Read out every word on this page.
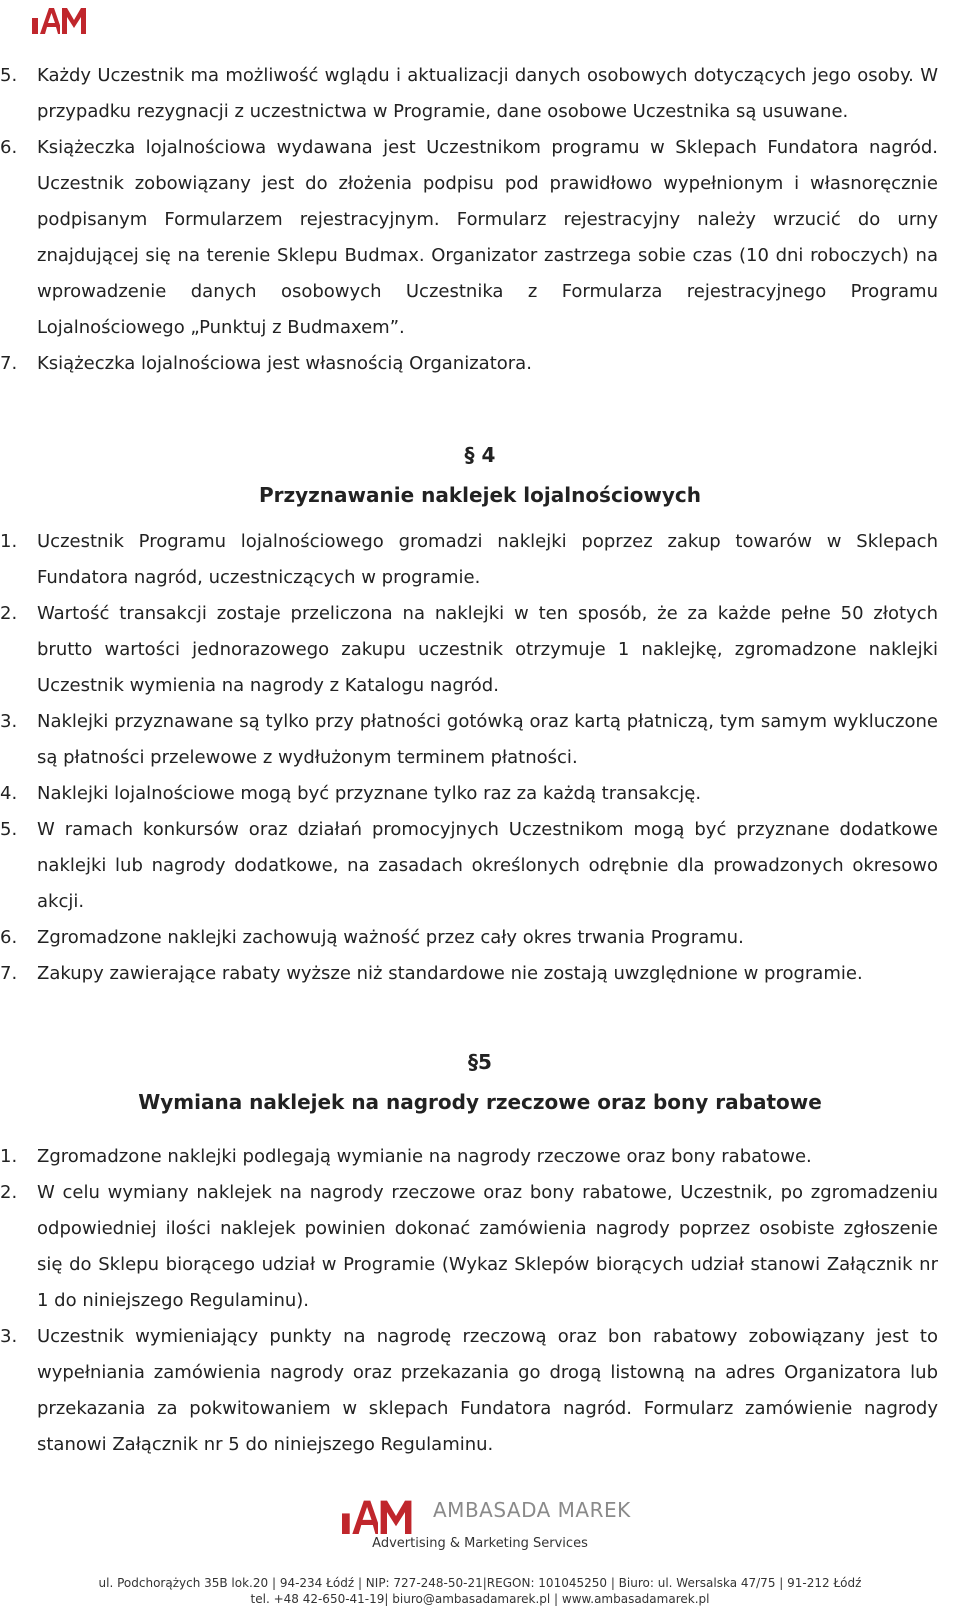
5.	Każdy Uczestnik ma możliwość wglądu i aktualizacji danych osobowych dotyczących jego osoby. W przypadku rezygnacji z uczestnictwa w Programie, dane osobowe Uczestnika są usuwane.
6.	Książeczka lojalnościowa wydawana jest Uczestnikom programu w Sklepach Fundatora nagród. Uczestnik zobowiązany jest do złożenia podpisu pod prawidłowo wypełnionym i własnoręcznie podpisanym Formularzem rejestracyjnym. Formularz rejestracyjny należy wrzucić do urny znajdującej się na terenie Sklepu Budmax. Organizator zastrzega sobie czas (10 dni roboczych) na wprowadzenie danych osobowych Uczestnika z Formularza rejestracyjnego Programu Lojalnościowego „Punktuj z Budmaxem”.
7.	Książeczka lojalnościowa jest własnością Organizatora.
§ 4
Przyznawanie naklejek lojalnościowych
1.	Uczestnik Programu lojalnościowego gromadzi naklejki poprzez zakup towarów w Sklepach Fundatora nagród, uczestniczących w programie.
2.	Wartość transakcji zostaje przeliczona na naklejki w ten sposób, że za każde pełne 50 złotych brutto wartości jednorazowego zakupu uczestnik otrzymuje 1 naklejkę, zgromadzone naklejki Uczestnik wymienia na nagrody z Katalogu nagród.
3.	Naklejki przyznawane są tylko przy płatności gotówką oraz kartą płatniczą, tym samym wykluczone są płatności przelewowe z wydłużonym terminem płatności.
4.	Naklejki lojalnościowe mogą być przyznane tylko raz za każdą transakcję.
5.	W ramach konkursów oraz działań promocyjnych Uczestnikom mogą być przyznane dodatkowe naklejki lub nagrody dodatkowe, na zasadach określonych odrębnie dla prowadzonych okresowo akcji.
6.	Zgromadzone naklejki zachowują ważność przez cały okres trwania Programu.
7.	Zakupy zawierające rabaty wyższe niż standardowe nie zostają uwzględnione w programie.
§5
Wymiana naklejek na nagrody rzeczowe oraz bony rabatowe
1.	Zgromadzone naklejki podlegają wymianie na nagrody rzeczowe oraz bony rabatowe.
2.	W celu wymiany naklejek na nagrody rzeczowe oraz bony rabatowe, Uczestnik, po zgromadzeniu odpowiedniej ilości naklejek powinien dokonać zamówienia nagrody poprzez osobiste zgłoszenie się do Sklepu biorącego udział w Programie (Wykaz Sklepów biorących udział stanowi Załącznik nr 1 do niniejszego Regulaminu).
3.	Uczestnik wymieniający punkty na nagrodę rzeczową oraz bon rabatowy zobowiązany jest to wypełniania zamówienia nagrody oraz przekazania go drogą listowną na adres Organizatora lub przekazania za pokwitowaniem w sklepach Fundatora nagród. Formularz zamówienie nagrody stanowi Załącznik nr 5 do niniejszego Regulaminu.
AMBASADA MAREK
Advertising & Marketing Services
ul. Podchorążych 35B lok.20 | 94-234 Łódź | NIP: 727-248-50-21|REGON: 101045250 | Biuro: ul. Wersalska 47/75 | 91-212 Łódź
tel. +48 42-650-41-19| biuro@ambasadamarek.pl | www.ambasadamarek.pl
